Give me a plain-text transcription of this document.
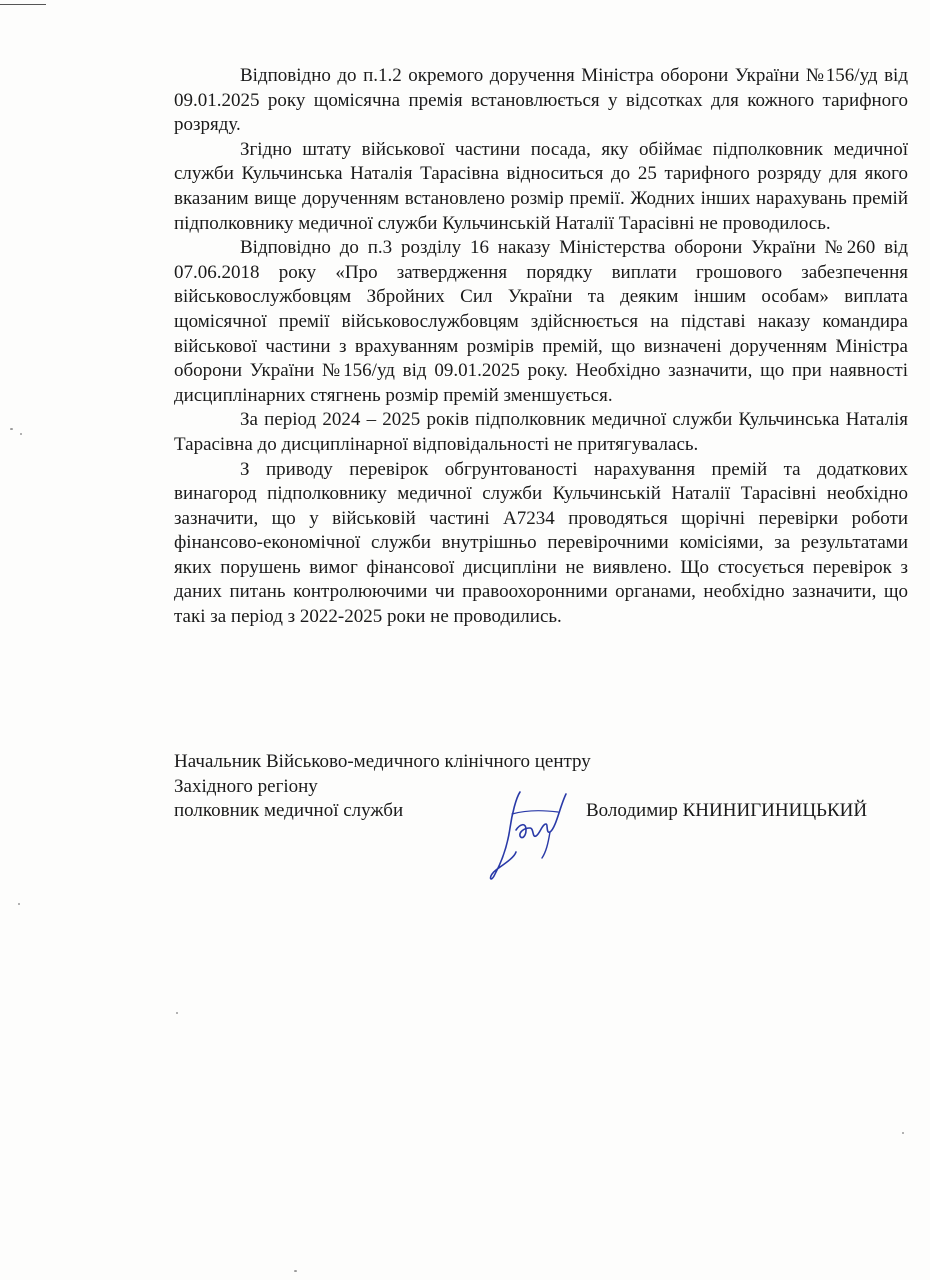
Відповідно до п.1.2 окремого доручення Міністра оборони України №156/уд від 09.01.2025 року щомісячна премія встановлюється у відсотках для кожного тарифного розряду.

Згідно штату військової частини посада, яку обіймає підполковник медичної служби Кульчинська Наталія Тарасівна відноситься до 25 тарифного розряду для якого вказаним вище дорученням встановлено розмір премії. Жодних інших нарахувань премій підполковнику медичної служби Кульчинській Наталії Тарасівні не проводилось.

Відповідно до п.3 розділу 16 наказу Міністерства оборони України №260 від 07.06.2018 року «Про затвердження порядку виплати грошового забезпечення військовослужбовцям Збройних Сил України та деяким іншим особам» виплата щомісячної премії військовослужбовцям здійснюється на підставі наказу командира військової частини з врахуванням розмірів премій, що визначені дорученням Міністра оборони України №156/уд від 09.01.2025 року. Необхідно зазначити, що при наявності дисциплінарних стягнень розмір премій зменшується.

За період 2024 – 2025 років підполковник медичної служби Кульчинська Наталія Тарасівна до дисциплінарної відповідальності не притягувалась.

З приводу перевірок обгрунтованості нарахування премій та додаткових винагород підполковнику медичної служби Кульчинській Наталії Тарасівні необхідно зазначити, що у військовій частині А7234 проводяться щорічні перевірки роботи фінансово-економічної служби внутрішньо перевірочними комісіями, за результатами яких порушень вимог фінансової дисципліни не виявлено. Що стосується перевірок з даних питань контролюючими чи правоохоронними органами, необхідно зазначити, що такі за період з 2022-2025 роки не проводились.

Начальник Військово-медичного клінічного центру
Західного регіону
полковник медичної служби	Володимир КНИНИГИНИЦЬКИЙ
